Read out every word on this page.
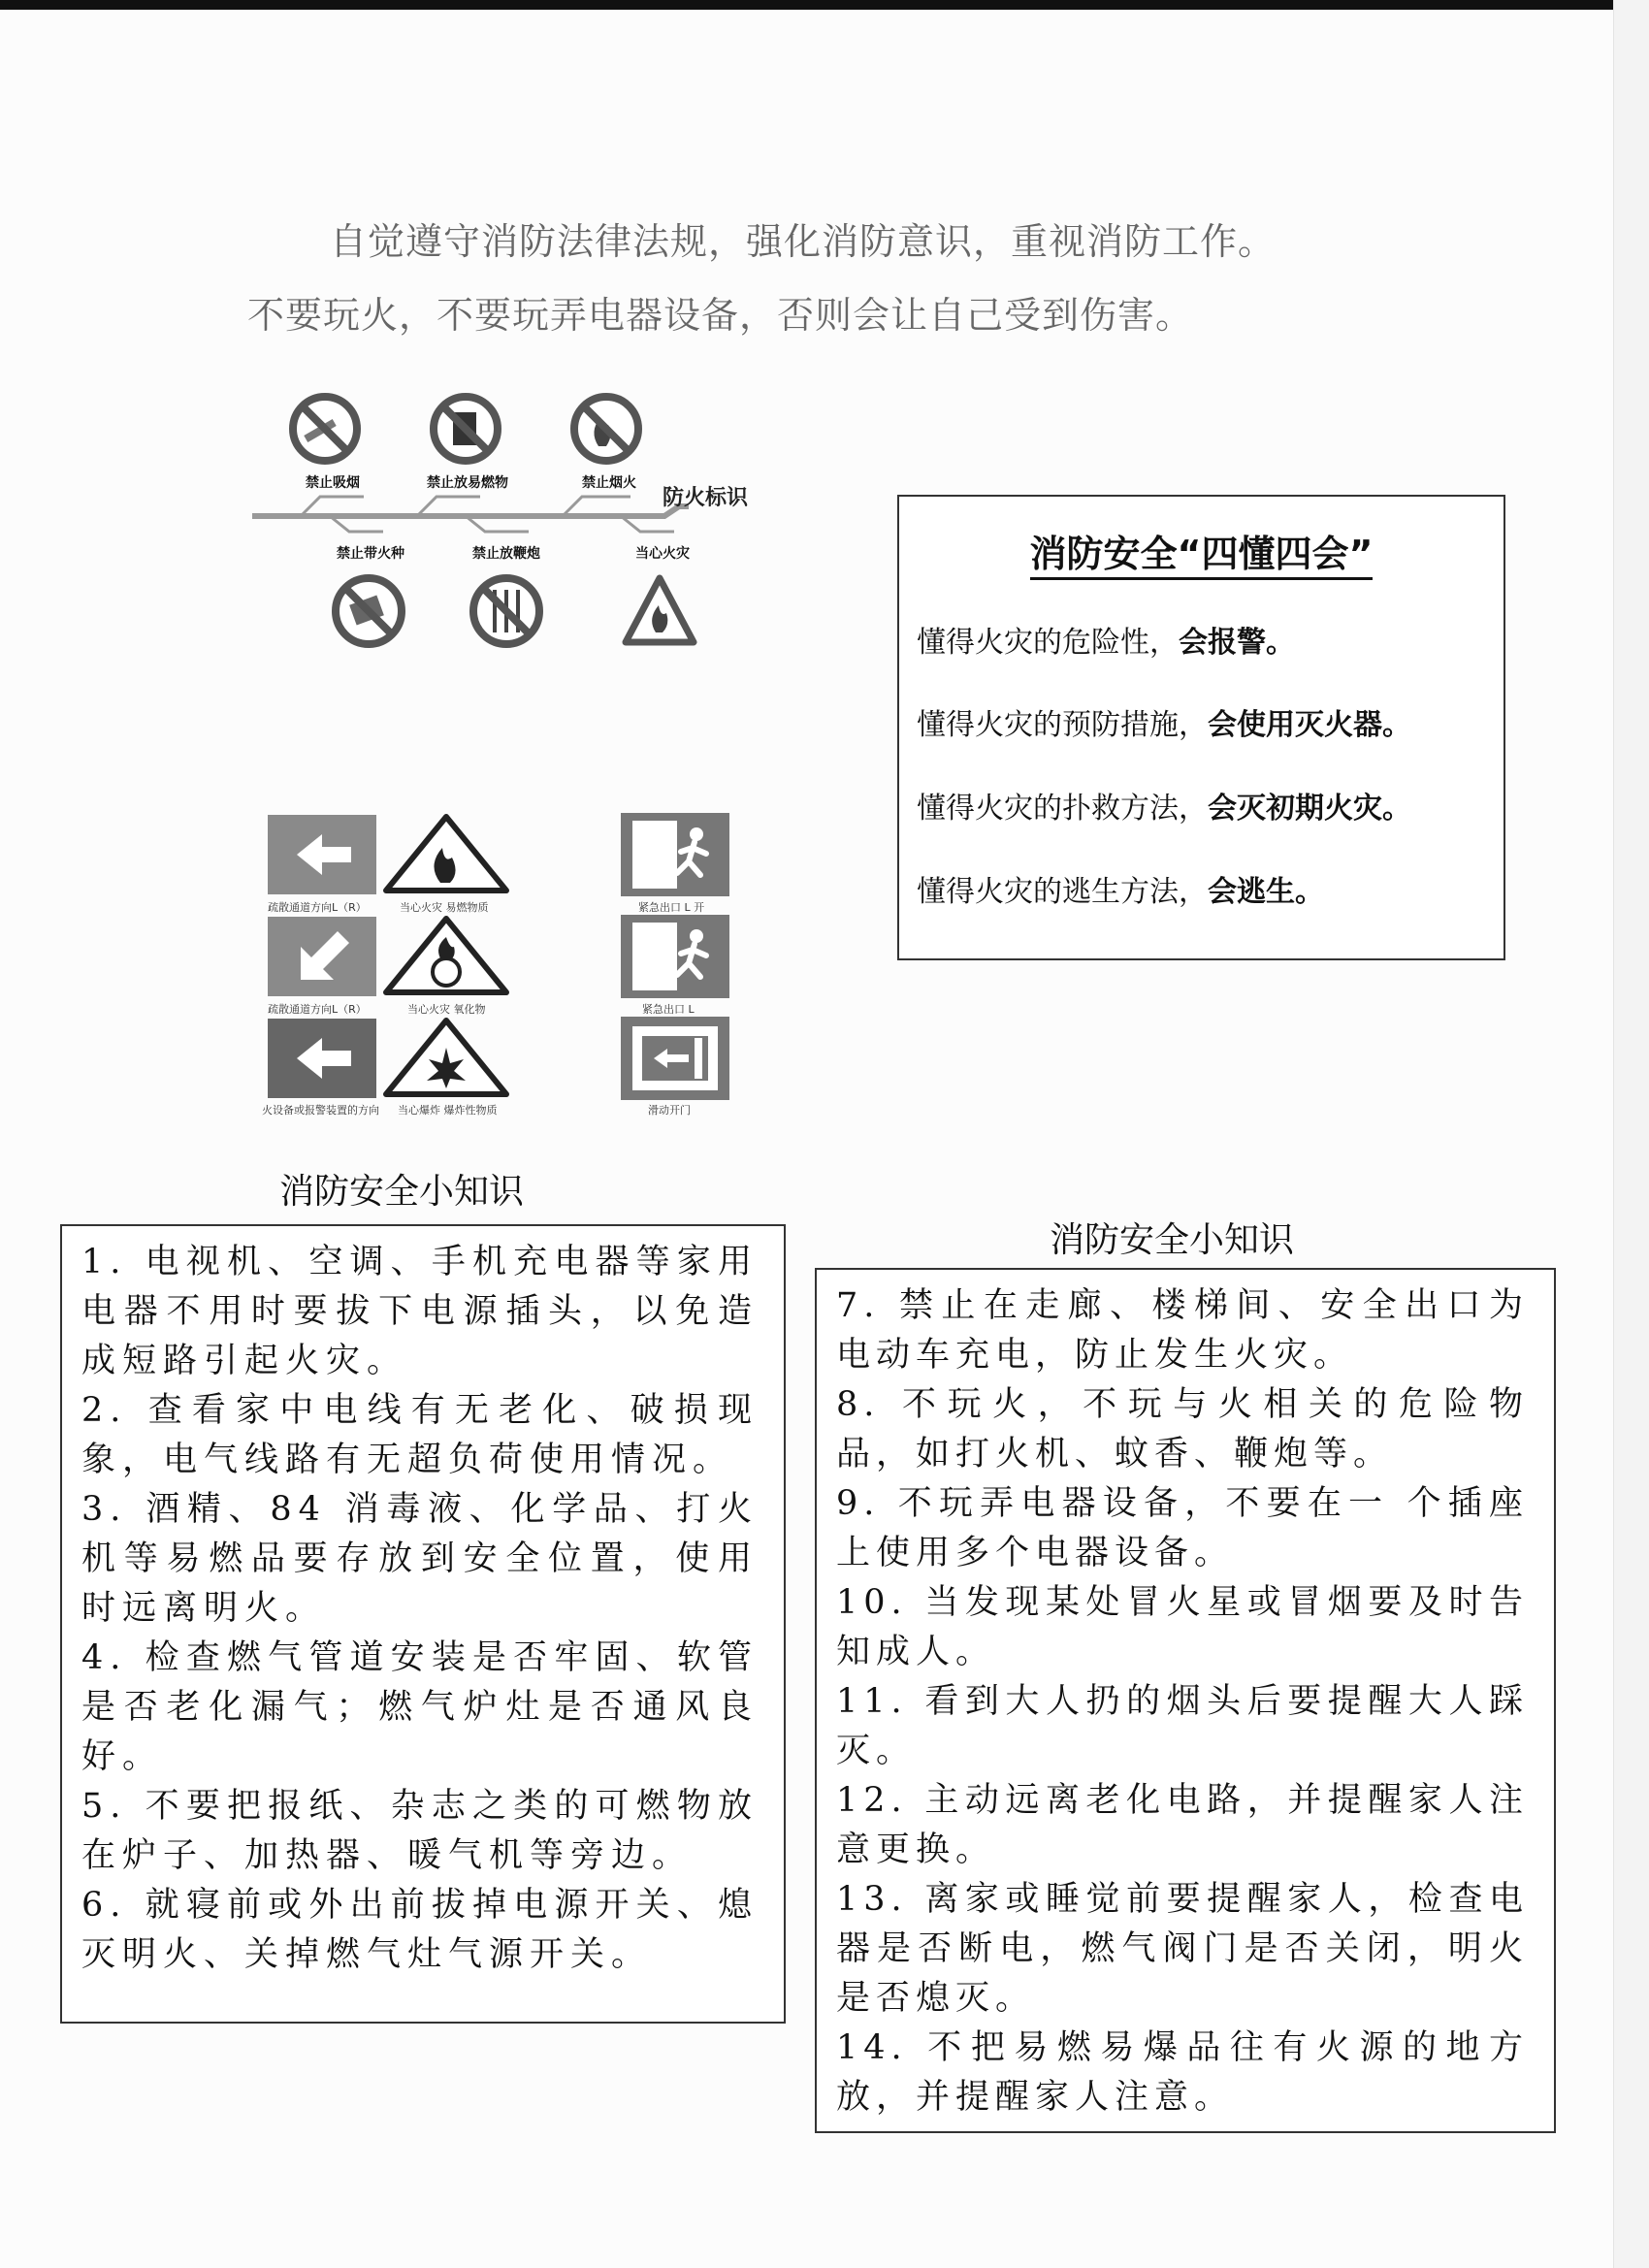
自觉遵守消防法律法规，强化消防意识，重视消防工作。
不要玩火，不要玩弄电器设备，否则会让自己受到伤害。
禁止吸烟	禁止放易燃物	禁止烟火
防火标识
禁止带火种	禁止放鞭炮	当心火灾
疏散通道方向L（R）
疏散通道方向L（R）
火设备或报警装置的方向
当心火灾 易燃物质
当心火灾 氧化物
当心爆炸 爆炸性物质
紧急出口 L 开
紧急出口 L
滑动开门
消防安全“四懂四会”
懂得火灾的危险性，会报警。
懂得火灾的预防措施，会使用灭火器。
懂得火灾的扑救方法，会灭初期火灾。
懂得火灾的逃生方法，会逃生。
消防安全小知识
消防安全小知识

1. 电视机、空调、手机充电器等家用电器不用时要拔下电源插头，以免造成短路引起火灾。

2. 查看家中电线有无老化、破损现象，电气线路有无超负荷使用情况。

3. 酒精、84 消毒液、化学品、打火机等易燃品要存放到安全位置，使用时远离明火。

4. 检查燃气管道安装是否牢固、软管是否老化漏气；燃气炉灶是否通风良好。

5. 不要把报纸、杂志之类的可燃物放在炉子、加热器、暖气机等旁边。

6. 就寝前或外出前拔掉电源开关、熄灭明火、关掉燃气灶气源开关。

7. 禁止在走廊、楼梯间、安全出口为电动车充电，防止发生火灾。

8. 不玩火，不玩与火相关的危险物品，如打火机、蚊香、鞭炮等。

9. 不玩弄电器设备，不要在一 个插座上使用多个电器设备。

10. 当发现某处冒火星或冒烟要及时告知成人。

11. 看到大人扔的烟头后要提醒大人踩灭。

12. 主动远离老化电路，并提醒家人注意更换。

13. 离家或睡觉前要提醒家人，检查电器是否断电，燃气阀门是否关闭，明火是否熄灭。

14. 不把易燃易爆品往有火源的地方放，并提醒家人注意。
